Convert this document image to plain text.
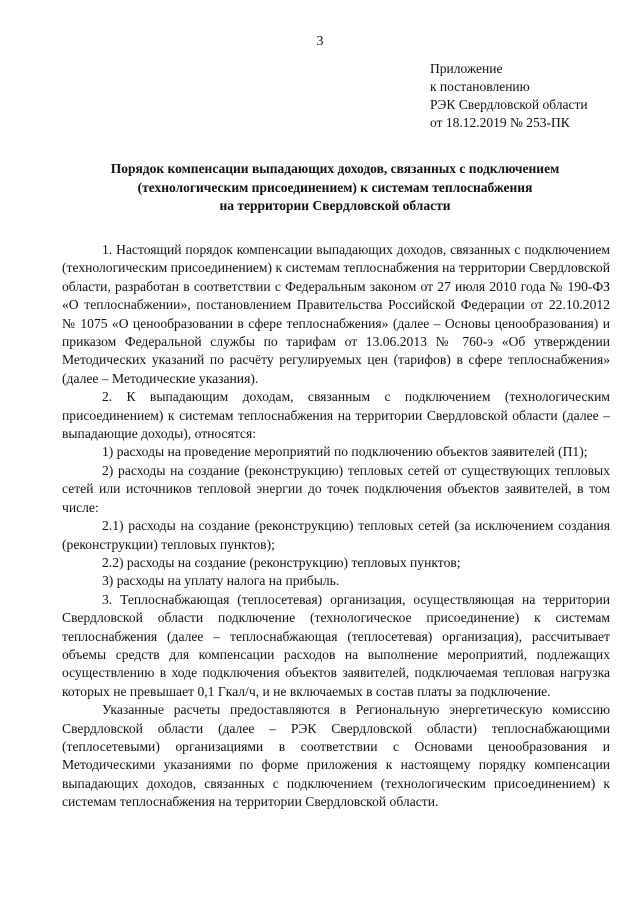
3
Приложение
к постановлению
РЭК Свердловской области
от 18.12.2019 № 253-ПК
Порядок компенсации выпадающих доходов, связанных с подключением
(технологическим присоединением) к системам теплоснабжения
на территории Свердловской области

1. Настоящий порядок компенсации выпадающих доходов, связанных с подключением (технологическим присоединением) к системам теплоснабжения на территории Свердловской области, разработан в соответствии с Федеральным законом от 27 июля 2010 года № 190-ФЗ «О теплоснабжении», постановлением Правительства Российской Федерации от 22.10.2012 № 1075 «О ценообразовании в сфере теплоснабжения» (далее – Основы ценообразования) и приказом Федеральной службы по тарифам от 13.06.2013 № 760-э «Об утверждении Методических указаний по расчёту регулируемых цен (тарифов) в сфере теплоснабжения» (далее – Методические указания).

2. К выпадающим доходам, связанным с подключением (технологическим присоединением) к системам теплоснабжения на территории Свердловской области (далее – выпадающие доходы), относятся:

1) расходы на проведение мероприятий по подключению объектов заявителей (П1);

2) расходы на создание (реконструкцию) тепловых сетей от существующих тепловых сетей или источников тепловой энергии до точек подключения объектов заявителей, в том числе:

2.1) расходы на создание (реконструкцию) тепловых сетей (за исключением создания (реконструкции) тепловых пунктов);

2.2) расходы на создание (реконструкцию) тепловых пунктов;

3) расходы на уплату налога на прибыль.

3. Теплоснабжающая (теплосетевая) организация, осуществляющая на территории Свердловской области подключение (технологическое присоединение) к системам теплоснабжения (далее – теплоснабжающая (теплосетевая) организация), рассчитывает объемы средств для компенсации расходов на выполнение мероприятий, подлежащих осуществлению в ходе подключения объектов заявителей, подключаемая тепловая нагрузка которых не превышает 0,1 Гкал/ч, и не включаемых в состав платы за подключение.

Указанные расчеты предоставляются в Региональную энергетическую комиссию Свердловской области (далее – РЭК Свердловской области) теплоснабжающими (теплосетевыми) организациями в соответствии с Основами ценообразования и Методическими указаниями по форме приложения к настоящему порядку компенсации выпадающих доходов, связанных с подключением (технологическим присоединением) к системам теплоснабжения на территории Свердловской области.
